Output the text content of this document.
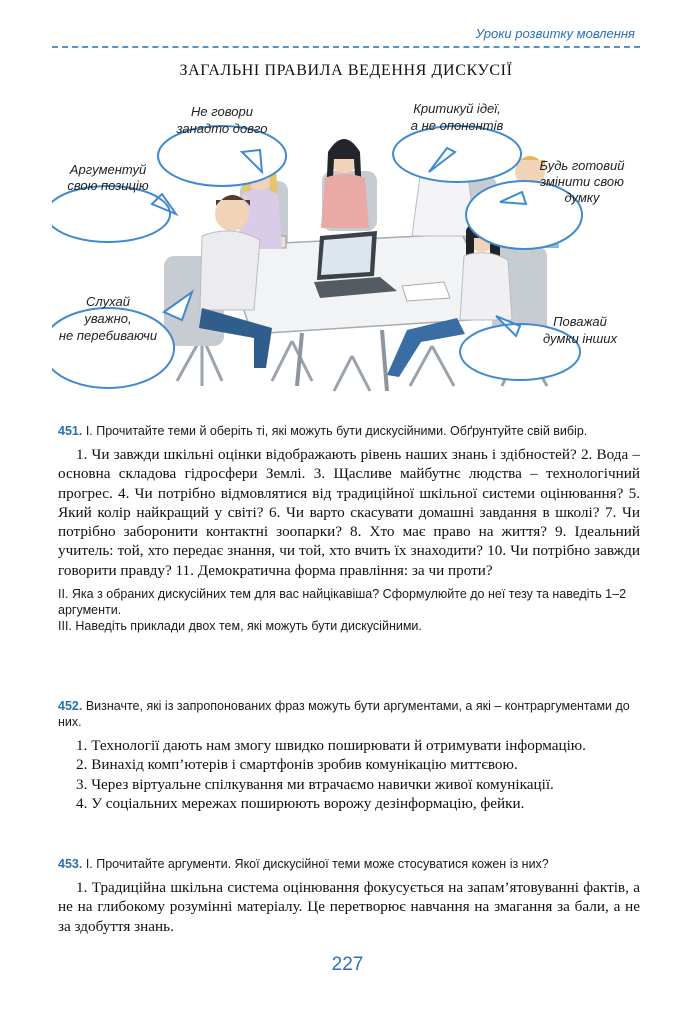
Уроки розвитку мовлення
ЗАГАЛЬНІ ПРАВИЛА ВЕДЕННЯ ДИСКУСІЇ
Не говори
занадто довго
Критикуй ідеї,
а не опонентів
Аргументуй
свою позицію
Будь готовий
змінити свою
думку
Слухай
уважно,
не перебиваючи
Поважай
думки інших
451. І. Прочитайте теми й оберіть ті, які можуть бути дискусійними. Обґрунтуйте свій вибір.

1. Чи завжди шкільні оцінки відображають рівень наших знань і здібностей? 2. Вода – основна складова гідросфери Землі. 3. Щасливе майбутнє людства – технологічний прогрес. 4. Чи потрібно відмовлятися від традиційної шкільної системи оцінювання? 5. Який колір найкращий у світі? 6. Чи варто скасувати домашні завдання в школі? 7. Чи потрібно заборонити контактні зоопарки? 8. Хто має право на життя? 9. Ідеальний учитель: той, хто передає знання, чи той, хто вчить їх знаходити? 10. Чи потрібно завжди говорити правду? 11. Демократична форма правління: за чи проти?

ІІ. Яка з обраних дискусійних тем для вас найцікавіша? Сформулюйте до неї тезу та наведіть 1–2 аргументи.
ІІІ. Наведіть приклади двох тем, які можуть бути дискусійними.
452. Визначте, які із запропонованих фраз можуть бути аргументами, а які – контраргументами до них.

1. Технології дають нам змогу швидко поширювати й отримувати інформацію.

2. Винахід комп’ютерів і смартфонів зробив комунікацію миттєвою.

3. Через віртуальне спілкування ми втрачаємо навички живої комунікації.

4. У соціальних мережах поширюють ворожу дезінформацію, фейки.

453. І. Прочитайте аргументи. Якої дискусійної теми може стосуватися кожен із них?

1. Традиційна шкільна система оцінювання фокусується на запам’ятовуванні фактів, а не на глибокому розумінні матеріалу. Це перетворює навчання на змагання за бали, а не за здобуття знань.

227
